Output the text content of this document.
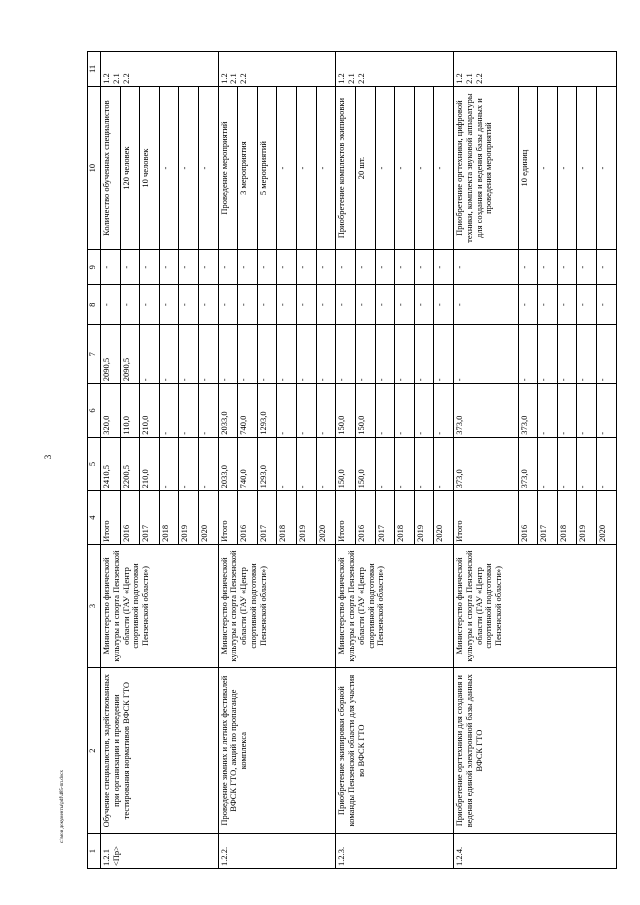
3
c:\мои документы\pdf\485-пп.docx
1	2	3	4	5	6	7	8	9	10	11
1.2.1 <Пр>	Обучение специалистов, задействованных при организации и проведении тестирования нормативов ВФСК ГТО	Министерство физической культуры и спорта Пензенской области (ГАУ «Центр спортивной подготовки Пензенской области»)	Итого	2410,5	320,0	2090,5	-	-	Количество обученных специалистов	1.2
2.1
2.2
			2016	2200,5	110,0	2090,5	-	-	120 человек	
			2017	210,0	210,0	-	-	-	10 человек	
			2018	-	-	-	-	-	-	
			2019	-	-	-	-	-	-	
			2020	-	-	-	-	-	-	
1.2.2.	Проведение зимних и летних фестивалей ВФСК ГТО, акций по пропаганде комплекса	Министерство физической культуры и спорта Пензенской области (ГАУ «Центр спортивной подготовки Пензенской области»)	Итого	2033,0	2033,0	-	-	-	Проведение мероприятий	1.2
2.1
2.2
			2016	740,0	740,0	-	-	-	3 мероприятия	
			2017	1293,0	1293,0	-	-	-	5 мероприятий	
			2018	-	-	-	-	-	-	
			2019	-	-	-	-	-	-	
			2020	-	-	-	-	-	-	
1.2.3.	Приобретение экипировки сборной команды Пензенской области для участия во ВФСК ГТО	Министерство физической культуры и спорта Пензенской области (ГАУ «Центр спортивной подготовки Пензенской области»)	Итого	150,0	150,0	-	-	-	Приобретение комплектов экипировки	1.2
2.1
2.2
			2016	150,0	150,0	-	-	-	20 шт.	
			2017	-	-	-	-	-	-	
			2018	-	-	-	-	-	-	
			2019	-	-	-	-	-	-	
			2020	-	-	-	-	-	-	
1.2.4.	Приобретение оргтехники для создания и ведения единой электронной базы данных ВФСК ГТО	Министерство физической культуры и спорта Пензенской области (ГАУ «Центр спортивной подготовки Пензенской области»)	Итого	373,0	373,0	-	-	-	Приобретение оргтехники, цифровой техники, комплекта звуковой аппаратуры для создания и ведения базы данных и проведения мероприятий	1.2
2.1
2.2
			2016	373,0	373,0	-	-	-	10 единиц	
			2017	-	-	-	-	-	-	
			2018	-	-	-	-	-	-	
			2019	-	-	-	-	-	-	
			2020	-	-	-	-	-	-	
